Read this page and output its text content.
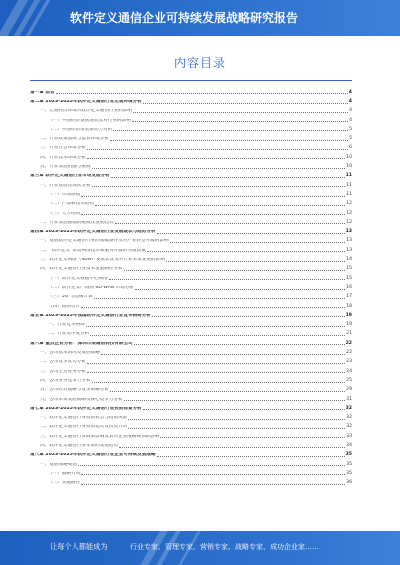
软件定义通信企业可持续发展战略研究报告
内容目录
第一章 前言	4
第二章 2023-2025年软件定义通信行业宏观环境分析	4
一、宏观经济环境对软件定义通信行业的影响	4
（一）中国经济发展现状及对行业的影响	4
（二）中国经济增长驱动力分析	5
二、行业政策法规与监管环境分析	5
三、行业社会环境分析	6
四、行业技术环境分析	10
五、行业发展机遇与挑战	10
第三章 软件定义通信行业市场发展分析	11
一、行业发展及现状分析	11
（一）市场规模	11
（二）产品和技术结构	12
（三）人才结构	12
二、行业发展面临的挑战及发展趋势	12
第四章 2023-2025年软件定义通信行业发展现状与趋势分析	13
一、发展软件定义通信行业的基础条件及对产业转型升级的影响	13
二、“软件定义”带动网络技术和服务升级的关键因素	13
三、软件定义网络（SDN）发展状况及对行业未来发展的影响	14
四、软件定义通信行业技术发展路径分析	15
（一）软件定义数据中心网络	15
（二）软件定义广域网 SD-WAN 市场分析	16
（三）5G 与边缘计算	17
（四）网络切片	18
第五章 2023-2025年我国软件定义通信行业竞争格局分析	19
一、行业竞争格局	19
二、行业集中度分析	21
第六章 重点企业分析：深圳市某通信科技有限公司	22
一、公司基本情况及发展战略	22
二、公司竞争优势分析	23
三、公司主营业务分析	24
四、公司业务竞争力分析	25
五、公司经营战略与竞争策略分析	29
六、公司未来发展战略及核心竞争力分析	31
第七章 2023-2025年软件定义通信行业投资前景分析	32
一、软件定义通信行业投资机会与投资风险	32
二、软件定义通信行业投资建议及投资方向	32
三、软件定义通信行业政策影响及其对企业战略规划的影响	33
四、软件定义通信行业未来的发展趋势	34
第八章 2023-2025年软件定义通信行业企业可持续发展战略	35
一、发展战略规划	35
（一）战略方向	35
（二）实施路径	36
让每个人都能成为	行业专家、管理专家、营销专家、战略专家、成功企业家……
